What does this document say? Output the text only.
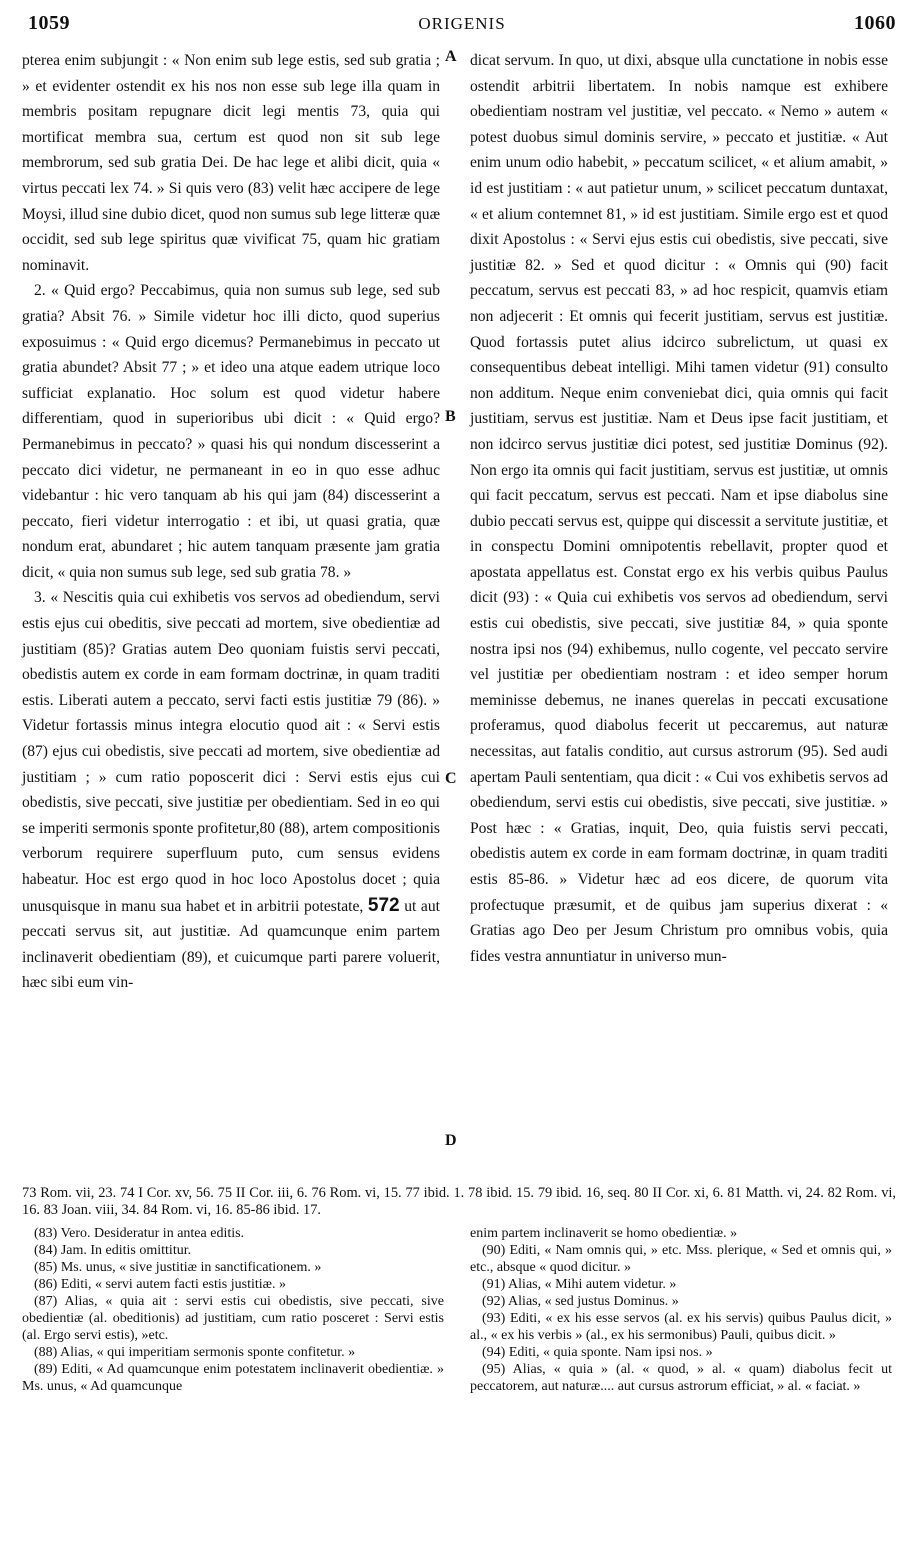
1059	ORIGENIS	1060

pterea enim subjungit : « Non enim sub lege estis, sed sub gratia ; » et evidenter ostendit ex his nos non esse sub lege illa quam in membris positam repugnare dicit legi mentis 73, quia qui mortificat membra sua, certum est quod non sit sub lege membrorum, sed sub gratia Dei. De hac lege et alibi dicit, quia « virtus peccati lex 74. » Si quis vero (83) velit hæc accipere de lege Moysi, illud sine dubio dicet, quod non sumus sub lege litteræ quæ occidit, sed sub lege spiritus quæ vivificat 75, quam hic gratiam nominavit.

2. « Quid ergo? Peccabimus, quia non sumus sub lege, sed sub gratia? Absit 76. » Simile videtur hoc illi dicto, quod superius exposuimus : « Quid ergo dicemus? Permanebimus in peccato ut gratia abundet? Absit 77 ; » et ideo una atque eadem utrique loco sufficiat explanatio. Hoc solum est quod videtur habere differentiam, quod in superioribus ubi dicit : « Quid ergo? Permanebimus in peccato? » quasi his qui nondum discesserint a peccato dici videtur, ne permaneant in eo in quo esse adhuc videbantur : hic vero tanquam ab his qui jam (84) discesserint a peccato, fieri videtur interrogatio : et ibi, ut quasi gratia, quæ nondum erat, abundaret ; hic autem tanquam præsente jam gratia dicit, « quia non sumus sub lege, sed sub gratia 78. »

3. « Nescitis quia cui exhibetis vos servos ad obediendum, servi estis ejus cui obeditis, sive peccati ad mortem, sive obedientiæ ad justitiam (85)? Gratias autem Deo quoniam fuistis servi peccati, obedistis autem ex corde in eam formam doctrinæ, in quam traditi estis. Liberati autem a peccato, servi facti estis justitiæ 79 (86). » Videtur fortassis minus integra elocutio quod ait : « Servi estis (87) ejus cui obedistis, sive peccati ad mortem, sive obedientiæ ad justitiam ; » cum ratio poposcerit dici : Servi estis ejus cui obedistis, sive peccati, sive justitiæ per obedientiam. Sed in eo qui se imperiti sermonis sponte profitetur,80 (88), artem compositionis verborum requirere superfluum puto, cum sensus evidens habeatur. Hoc est ergo quod in hoc loco Apostolus docet ; quia unusquisque in manu sua habet et in arbitrii potestate, 572 ut aut peccati servus sit, aut justitiæ. Ad quamcunque enim partem inclinaverit obedientiam (89), et cuicumque parti parere voluerit, hæc sibi eum vin-

A
B
C
D

dicat servum. In quo, ut dixi, absque ulla cunctatione in nobis esse ostendit arbitrii libertatem. In nobis namque est exhibere obedientiam nostram vel justitiæ, vel peccato. « Nemo » autem « potest duobus simul dominis servire, » peccato et justitiæ. « Aut enim unum odio habebit, » peccatum scilicet, « et alium amabit, » id est justitiam : « aut patietur unum, » scilicet peccatum duntaxat, « et alium contemnet 81, » id est justitiam. Simile ergo est et quod dixit Apostolus : « Servi ejus estis cui obedistis, sive peccati, sive justitiæ 82. » Sed et quod dicitur : « Omnis qui (90) facit peccatum, servus est peccati 83, » ad hoc respicit, quamvis etiam non adjecerit : Et omnis qui fecerit justitiam, servus est justitiæ. Quod fortassis putet alius idcirco subrelictum, ut quasi ex consequentibus debeat intelligi. Mihi tamen videtur (91) consulto non additum. Neque enim conveniebat dici, quia omnis qui facit justitiam, servus est justitiæ. Nam et Deus ipse facit justitiam, et non idcirco servus justitiæ dici potest, sed justitiæ Dominus (92). Non ergo ita omnis qui facit justitiam, servus est justitiæ, ut omnis qui facit peccatum, servus est peccati. Nam et ipse diabolus sine dubio peccati servus est, quippe qui discessit a servitute justitiæ, et in conspectu Domini omnipotentis rebellavit, propter quod et apostata appellatus est. Constat ergo ex his verbis quibus Paulus dicit (93) : « Quia cui exhibetis vos servos ad obediendum, servi estis cui obedistis, sive peccati, sive justitiæ 84, » quia sponte nostra ipsi nos (94) exhibemus, nullo cogente, vel peccato servire vel justitiæ per obedientiam nostram : et ideo semper horum meminisse debemus, ne inanes querelas in peccati excusatione proferamus, quod diabolus fecerit ut peccaremus, aut naturæ necessitas, aut fatalis conditio, aut cursus astrorum (95). Sed audi apertam Pauli sententiam, qua dicit : « Cui vos exhibetis servos ad obediendum, servi estis cui obedistis, sive peccati, sive justitiæ. » Post hæc : « Gratias, inquit, Deo, quia fuistis servi peccati, obedistis autem ex corde in eam formam doctrinæ, in quam traditi estis 85-86. » Videtur hæc ad eos dicere, de quorum vita profectuque præsumit, et de quibus jam superius dixerat : « Gratias ago Deo per Jesum Christum pro omnibus vobis, quia fides vestra annuntiatur in universo mun-

73 Rom. vii, 23. 74 I Cor. xv, 56. 75 II Cor. iii, 6. 76 Rom. vi, 15. 77 ibid. 1. 78 ibid. 15. 79 ibid. 16, seq. 80 II Cor. xi, 6. 81 Matth. vi, 24. 82 Rom. vi, 16. 83 Joan. viii, 34. 84 Rom. vi, 16. 85-86 ibid. 17.

(83) Vero. Desideratur in antea editis.

(84) Jam. In editis omittitur.

(85) Ms. unus, « sive justitiæ in sanctificationem. »

(86) Editi, « servi autem facti estis justitiæ. »

(87) Alias, « quia ait : servi estis cui obedistis, sive peccati, sive obedientiæ (al. obeditionis) ad justitiam, cum ratio posceret : Servi estis (al. Ergo servi estis), »etc.

(88) Alias, « qui imperitiam sermonis sponte confitetur. »

(89) Editi, « Ad quamcunque enim potestatem inclinaverit obedientiæ. » Ms. unus, « Ad quamcunque

enim partem inclinaverit se homo obedientiæ. »

(90) Editi, « Nam omnis qui, » etc. Mss. plerique, « Sed et omnis qui, » etc., absque « quod dicitur. »

(91) Alias, « Mihi autem videtur. »

(92) Alias, « sed justus Dominus. »

(93) Editi, « ex his esse servos (al. ex his servis) quibus Paulus dicit, » al., « ex his verbis » (al., ex his sermonibus) Pauli, quibus dicit. »

(94) Editi, « quia sponte. Nam ipsi nos. »

(95) Alias, « quia » (al. « quod, » al. « quam) diabolus fecit ut peccatorem, aut naturæ.... aut cursus astrorum efficiat, » al. « faciat. »
